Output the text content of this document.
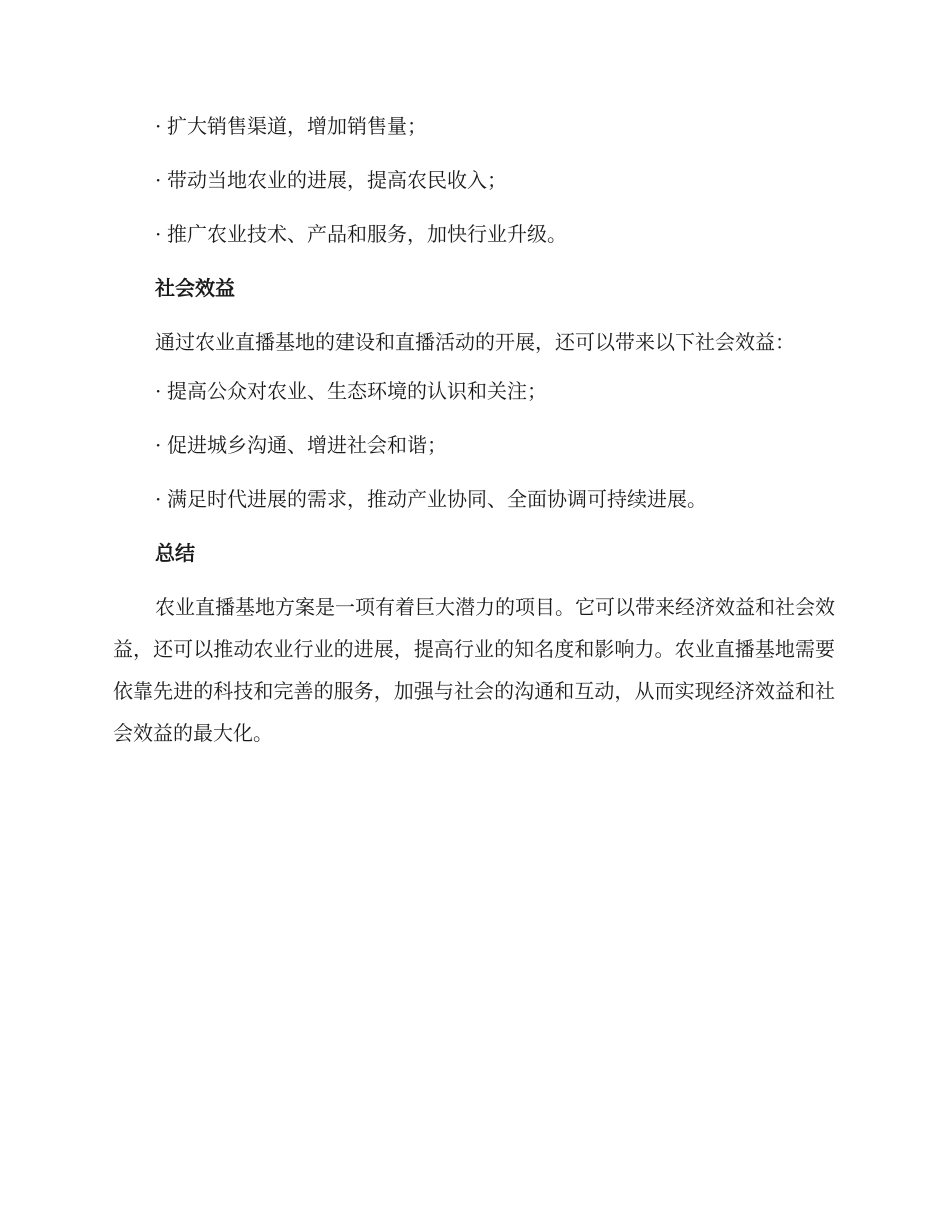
· 扩大销售渠道，增加销售量；
· 带动当地农业的进展，提高农民收入；
· 推广农业技术、产品和服务，加快行业升级。
社会效益

通过农业直播基地的建设和直播活动的开展，还可以带来以下社会效益：

· 提高公众对农业、生态环境的认识和关注；
· 促进城乡沟通、增进社会和谐；
· 满足时代进展的需求，推动产业协同、全面协调可持续进展。
总结

农业直播基地方案是一项有着巨大潜力的项目。它可以带来经济效益和社会效益，还可以推动农业行业的进展，提高行业的知名度和影响力。农业直播基地需要依靠先进的科技和完善的服务，加强与社会的沟通和互动，从而实现经济效益和社会效益的最大化。
